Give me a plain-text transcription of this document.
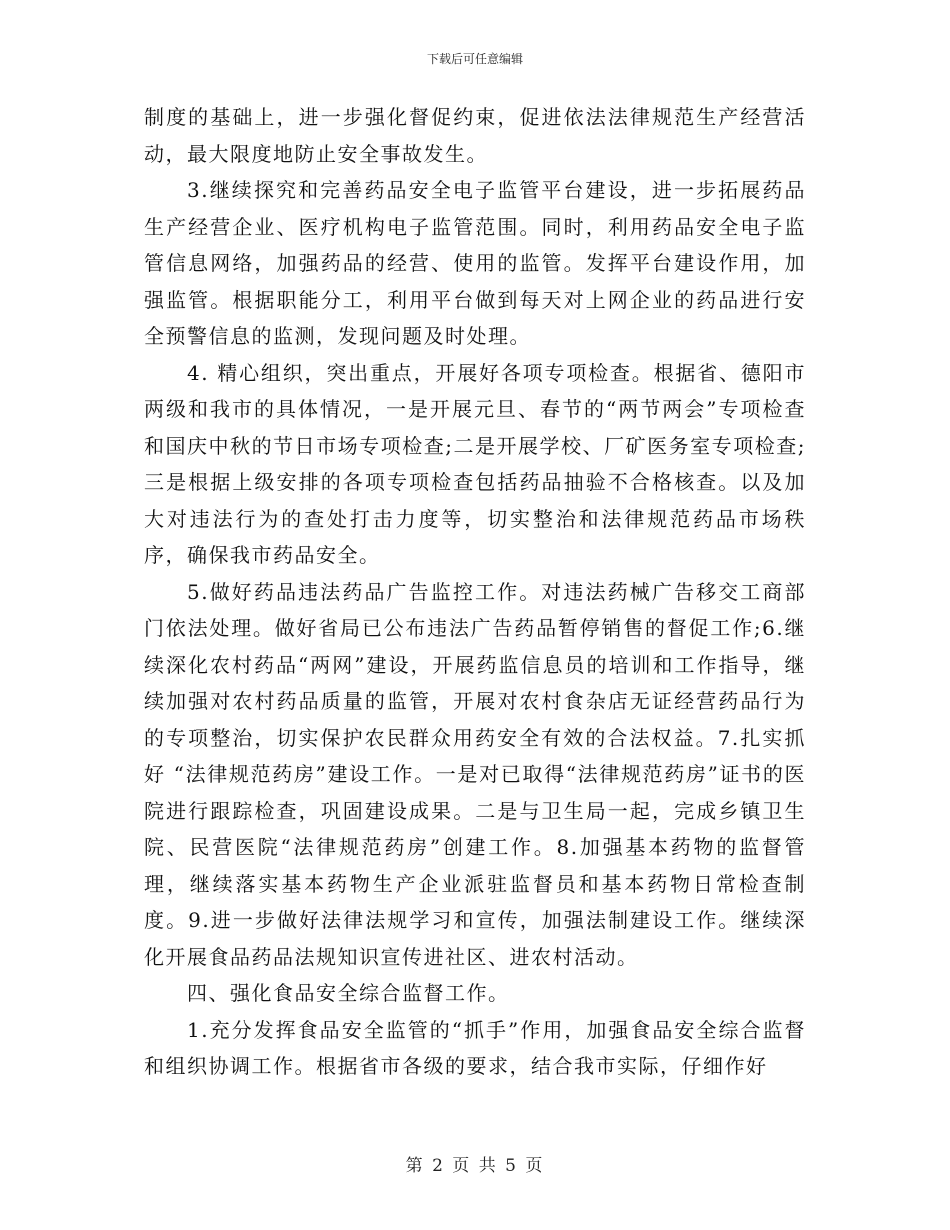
下载后可任意编辑

制度的基础上，进一步强化督促约束，促进依法法律规范生产经营活动，最大限度地防止安全事故发生。

3.继续探究和完善药品安全电子监管平台建设，进一步拓展药品生产经营企业、医疗机构电子监管范围。同时，利用药品安全电子监管信息网络，加强药品的经营、使用的监管。发挥平台建设作用，加强监管。根据职能分工，利用平台做到每天对上网企业的药品进行安全预警信息的监测，发现问题及时处理。

4. 精心组织，突出重点，开展好各项专项检查。根据省、德阳市两级和我市的具体情况，一是开展元旦、春节的“两节两会”专项检查和国庆中秋的节日市场专项检查;二是开展学校、厂矿医务室专项检查;三是根据上级安排的各项专项检查包括药品抽验不合格核查。以及加大对违法行为的查处打击力度等，切实整治和法律规范药品市场秩序，确保我市药品安全。

5.做好药品违法药品广告监控工作。对违法药械广告移交工商部门依法处理。做好省局已公布违法广告药品暂停销售的督促工作;6.继续深化农村药品“两网”建设，开展药监信息员的培训和工作指导，继续加强对农村药品质量的监管，开展对农村食杂店无证经营药品行为的专项整治，切实保护农民群众用药安全有效的合法权益。7.扎实抓好 “法律规范药房”建设工作。一是对已取得“法律规范药房”证书的医院进行跟踪检查，巩固建设成果。二是与卫生局一起，完成乡镇卫生院、民营医院“法律规范药房”创建工作。8.加强基本药物的监督管理，继续落实基本药物生产企业派驻监督员和基本药物日常检查制度。9.进一步做好法律法规学习和宣传，加强法制建设工作。继续深化开展食品药品法规知识宣传进社区、进农村活动。

四、强化食品安全综合监督工作。

1.充分发挥食品安全监管的“抓手”作用，加强食品安全综合监督和组织协调工作。根据省市各级的要求，结合我市实际，仔细作好

第 2 页 共 5 页
